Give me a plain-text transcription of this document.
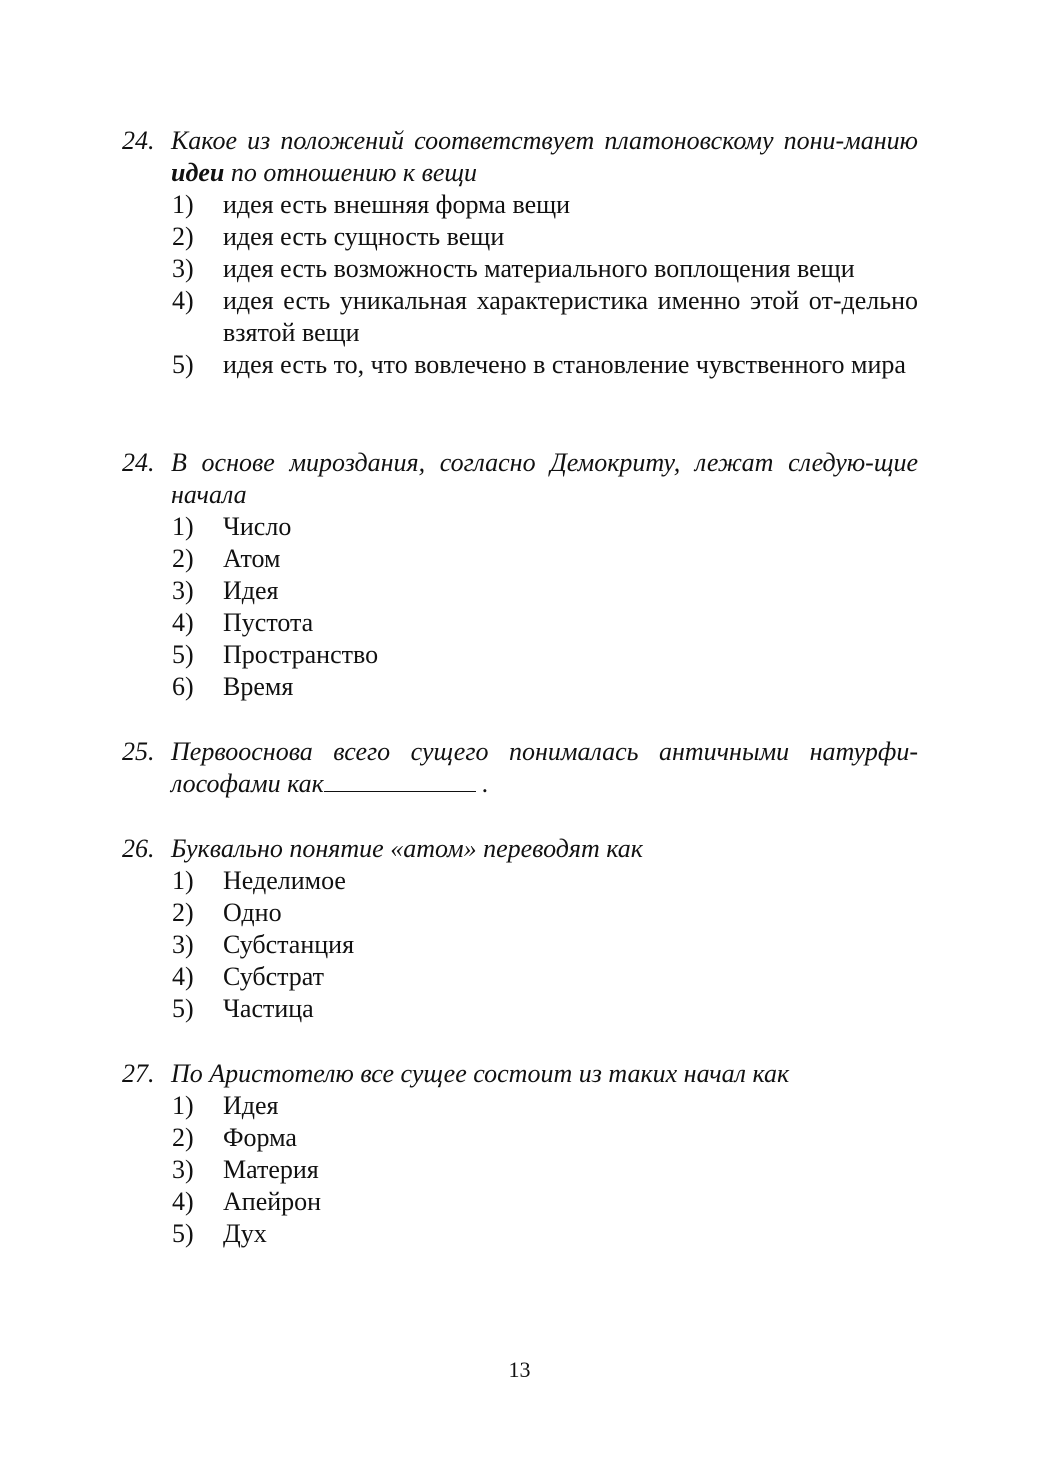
24. Какое из положений соответствует платоновскому пони-манию идеи по отношению к вещи
1) идея есть внешняя форма вещи
2) идея есть сущность вещи
3) идея есть возможность материального воплощения вещи
4) идея есть уникальная характеристика именно этой от-дельно взятой вещи
5) идея есть то, что вовлечено в становление чувственного мира
24. В основе мироздания, согласно Демокриту, лежат следую-щие начала
1) Число
2) Атом
3) Идея
4) Пустота
5) Пространство
6) Время
25. Первооснова всего сущего понималась античными натурфи-лософами как	.
26. Буквально понятие «атом» переводят как
1) Неделимое
2) Одно
3) Субстанция
4) Субстрат
5) Частица
27. По Аристотелю все сущее состоит из таких начал как
1) Идея
2) Форма
3) Материя
4) Апейрон
5) Дух
13
